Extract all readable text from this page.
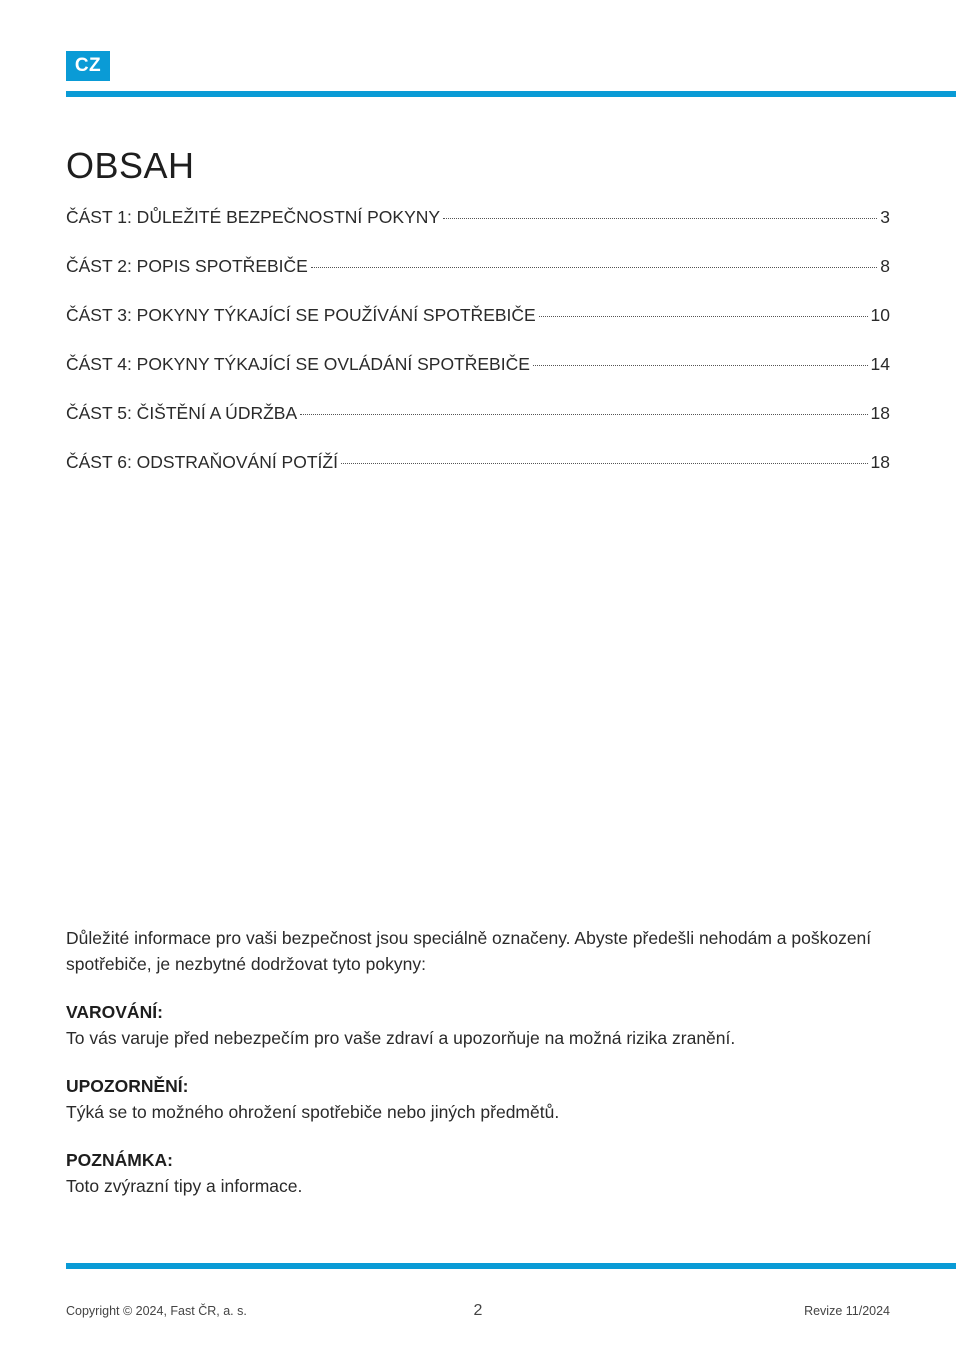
CZ
OBSAH
ČÁST 1: DŮLEŽITÉ BEZPEČNOSTNÍ POKYNY	3
ČÁST 2: POPIS SPOTŘEBIČE	8
ČÁST 3: POKYNY TÝKAJÍCÍ SE POUŽÍVÁNÍ SPOTŘEBIČE	10
ČÁST 4: POKYNY TÝKAJÍCÍ SE OVLÁDÁNÍ SPOTŘEBIČE	14
ČÁST 5: ČIŠTĚNÍ A ÚDRŽBA	18
ČÁST 6: ODSTRAŇOVÁNÍ POTÍŽÍ	18

Důležité informace pro vaši bezpečnost jsou speciálně označeny. Abyste předešli nehodám a poškození spotřebiče, je nezbytné dodržovat tyto pokyny:

VAROVÁNÍ:

To vás varuje před nebezpečím pro vaše zdraví a upozorňuje na možná rizika zranění.

UPOZORNĚNÍ:

Týká se to možného ohrožení spotřebiče nebo jiných předmětů.

POZNÁMKA:

Toto zvýrazní tipy a informace.

Copyright © 2024, Fast ČR, a. s.	2	Revize 11/2024
